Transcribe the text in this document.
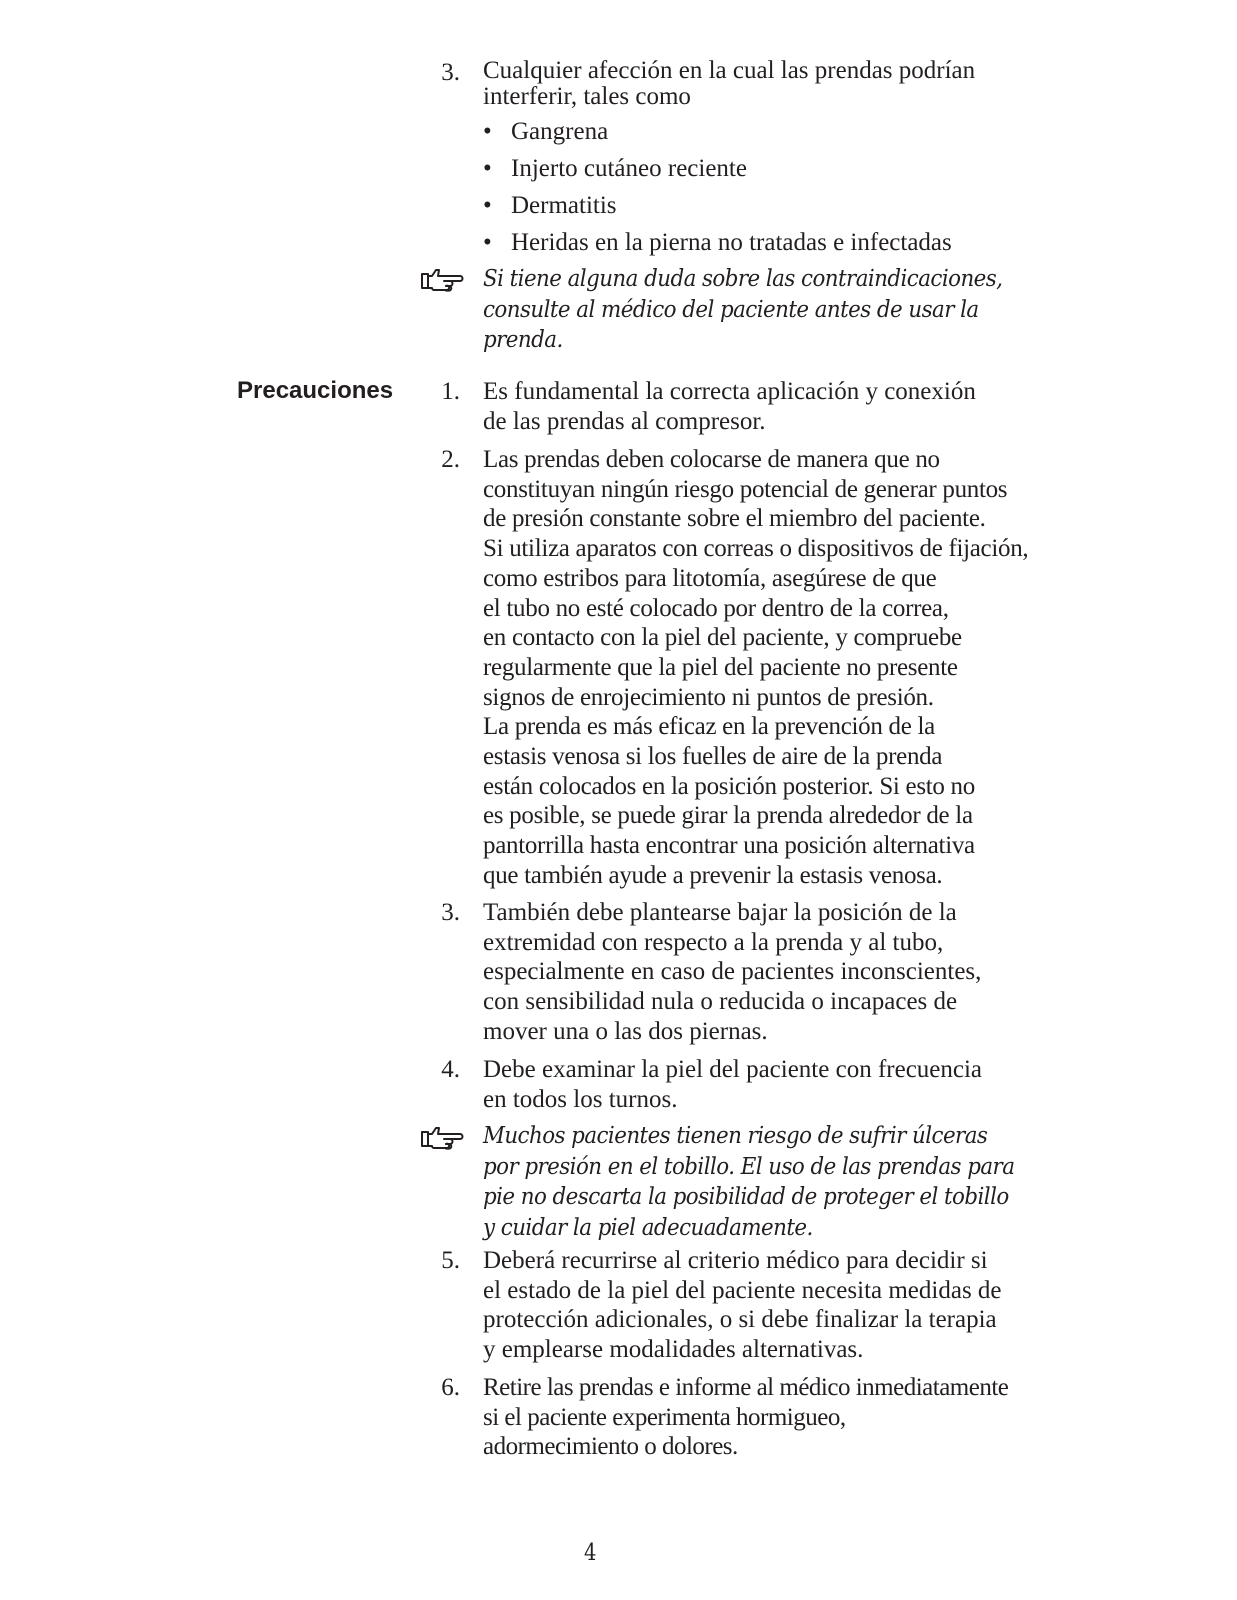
3. Cualquier afección en la cual las prendas podrían
interferir, tales como
• Gangrena
• Injerto cutáneo reciente
• Dermatitis
• Heridas en la pierna no tratadas e infectadas
Si tiene alguna duda sobre las contraindicaciones,
consulte al médico del paciente antes de usar la
prenda.
Precauciones	1. Es fundamental la correcta aplicación y conexión
de las prendas al compresor.
2. Las prendas deben colocarse de manera que no
constituyan ningún riesgo potencial de generar puntos
de presión constante sobre el miembro del paciente.
Si utiliza aparatos con correas o dispositivos de fijación,
como estribos para litotomía, asegúrese de que
el tubo no esté colocado por dentro de la correa,
en contacto con la piel del paciente, y compruebe
regularmente que la piel del paciente no presente
signos de enrojecimiento ni puntos de presión.
La prenda es más eficaz en la prevención de la
estasis venosa si los fuelles de aire de la prenda
están colocados en la posición posterior. Si esto no
es posible, se puede girar la prenda alrededor de la
pantorrilla hasta encontrar una posición alternativa
que también ayude a prevenir la estasis venosa.
3. También debe plantearse bajar la posición de la
extremidad con respecto a la prenda y al tubo,
especialmente en caso de pacientes inconscientes,
con sensibilidad nula o reducida o incapaces de
mover una o las dos piernas.
4. Debe examinar la piel del paciente con frecuencia
en todos los turnos.
Muchos pacientes tienen riesgo de sufrir úlceras
por presión en el tobillo. El uso de las prendas para
pie no descarta la posibilidad de proteger el tobillo
y cuidar la piel adecuadamente.
5. Deberá recurrirse al criterio médico para decidir si
el estado de la piel del paciente necesita medidas de
protección adicionales, o si debe finalizar la terapia
y emplearse modalidades alternativas.
6. Retire las prendas e informe al médico inmediatamente
si el paciente experimenta hormigueo,
adormecimiento o dolores.
4
